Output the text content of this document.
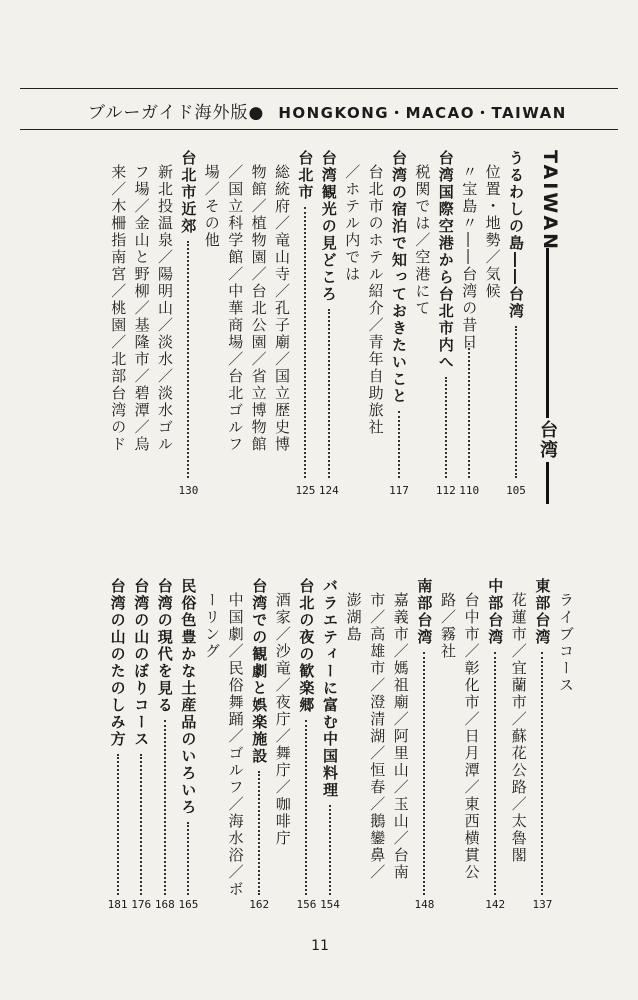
ブルーガイド海外版● HONGKONG・MACAO・TAIWAN
TAIWAN
台湾
うるわしの島――台湾
105
位置・地勢／気候
〃宝島〃――台湾の昔日
110
台湾国際空港から台北市内へ
112
税関では／空港にて
台湾の宿泊で知っておきたいこと
117
台北市のホテル紹介／青年自助旅社
／ホテル内では
台湾観光の見どころ
124
台北市
125
総統府／竜山寺／孔子廟／国立歴史博
物館／植物園／台北公園／省立博物館
／国立科学館／中華商場／台北ゴルフ
場／その他
台北市近郊
130
新北投温泉／陽明山／淡水／淡水ゴル
フ場／金山と野柳／基隆市／碧潭／烏
来／木柵指南宮／桃園／北部台湾のド
ライブコース
東部台湾
137
花蓮市／宜蘭市／蘇花公路／太魯閣
中部台湾
142
台中市／彰化市／日月潭／東西横貫公
路／霧社
南部台湾
148
嘉義市／媽祖廟／阿里山／玉山／台南
市／高雄市／澄清湖／恒春／鵝鑾鼻／
澎湖島
バラエティーに富む中国料理
154
台北の夜の歓楽郷
156
酒家／沙竜／夜庁／舞庁／咖啡庁
台湾での観劇と娯楽施設
162
中国劇／民俗舞踊／ゴルフ／海水浴／ボ
ーリング
民俗色豊かな土産品のいろいろ
165
台湾の現代を見る
168
台湾の山のぼりコース
176
台湾の山のたのしみ方
181
11
